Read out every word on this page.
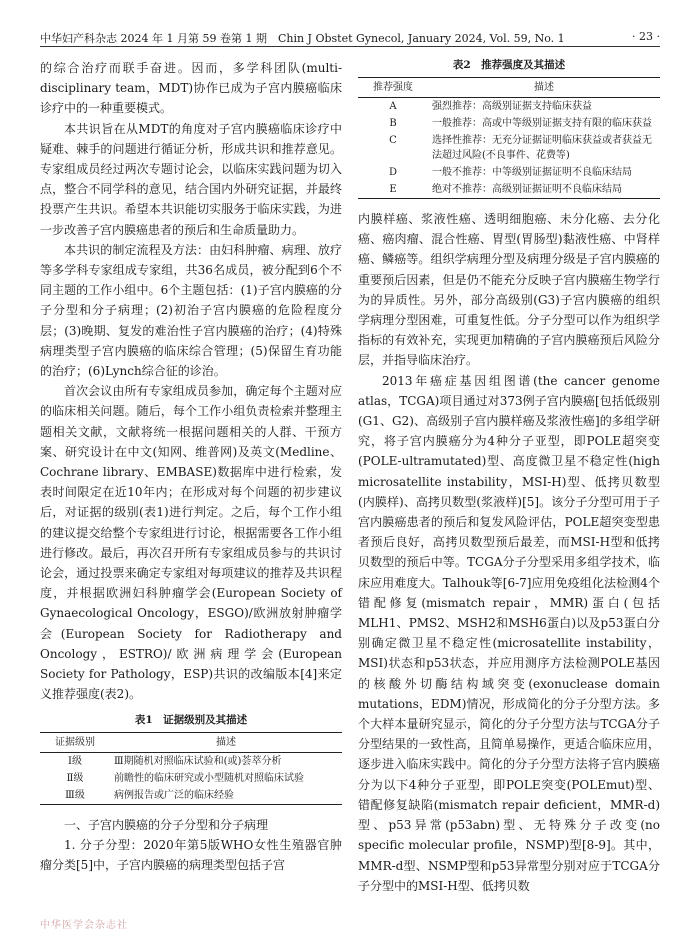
中华妇产科杂志 2024 年 1 月第 59 卷第 1 期　Chin J Obstet Gynecol, January 2024, Vol. 59, No. 1	· 23 ·

的综合治疗而联手奋进。因而，多学科团队(multi-disciplinary team，MDT)协作已成为子宫内膜癌临床诊疗中的一种重要模式。

本共识旨在从MDT的角度对子宫内膜癌临床诊疗中疑难、棘手的问题进行循证分析，形成共识和推荐意见。专家组成员经过两次专题讨论会，以临床实践问题为切入点，整合不同学科的意见，结合国内外研究证据，并最终投票产生共识。希望本共识能切实服务于临床实践，为进一步改善子宫内膜癌患者的预后和生命质量助力。

本共识的制定流程及方法：由妇科肿瘤、病理、放疗等多学科专家组成专家组，共36名成员，被分配到6个不同主题的工作小组中。6个主题包括：(1)子宫内膜癌的分子分型和分子病理；(2)初治子宫内膜癌的危险程度分层；(3)晚期、复发的难治性子宫内膜癌的治疗；(4)特殊病理类型子宫内膜癌的临床综合管理；(5)保留生育功能的治疗；(6)Lynch综合征的诊治。

首次会议由所有专家组成员参加，确定每个主题对应的临床相关问题。随后，每个工作小组负责检索并整理主题相关文献，文献将统一根据问题相关的人群、干预方案、研究设计在中文(知网、维普网)及英文(Medline、Cochrane library、EMBASE)数据库中进行检索，发表时间限定在近10年内；在形成对每个问题的初步建议后，对证据的级别(表1)进行判定。之后，每个工作小组的建议提交给整个专家组进行讨论，根据需要各工作小组进行修改。最后，再次召开所有专家组成员参与的共识讨论会，通过投票来确定专家组对每项建议的推荐及共识程度，并根据欧洲妇科肿瘤学会(European Society of Gynaecological Oncology，ESGO)/欧洲放射肿瘤学会(European Society for Radiotherapy and Oncology，ESTRO)/欧洲病理学会(European Society for Pathology，ESP)共识的改编版本[4]来定义推荐强度(表2)。

表1　证据级别及其描述
证据级别	描述
Ⅰ级	Ⅲ期随机对照临床试验和(或)荟萃分析
Ⅱ级	前瞻性的临床研究或小型随机对照临床试验
Ⅲ级	病例报告或广泛的临床经验

一、子宫内膜癌的分子分型和分子病理

1. 分子分型：2020年第5版WHO女性生殖器官肿瘤分类[5]中，子宫内膜癌的病理类型包括子宫

表2　推荐强度及其描述
推荐强度	描述
A	强烈推荐：高级别证据支持临床获益
B	一般推荐：高或中等级别证据支持有限的临床获益
C	选择性推荐：无充分证据证明临床获益或者获益无法超过风险(不良事件、花费等)
D	一般不推荐：中等级别证据证明不良临床结局
E	绝对不推荐：高级别证据证明不良临床结局

内膜样癌、浆液性癌、透明细胞癌、未分化癌、去分化癌、癌肉瘤、混合性癌、胃型(胃肠型)黏液性癌、中肾样癌、鳞癌等。组织学病理分型及病理分级是子宫内膜癌的重要预后因素，但是仍不能充分反映子宫内膜癌生物学行为的异质性。另外，部分高级别(G3)子宫内膜癌的组织学病理分型困难，可重复性低。分子分型可以作为组织学指标的有效补充，实现更加精确的子宫内膜癌预后风险分层，并指导临床治疗。

2013年癌症基因组图谱(the cancer genome atlas，TCGA)项目通过对373例子宫内膜癌[包括低级别(G1、G2)、高级别子宫内膜样癌及浆液性癌]的多组学研究，将子宫内膜癌分为4种分子亚型，即POLE超突变(POLE-ultramutated)型、高度微卫星不稳定性(high microsatellite instability，MSI-H)型、低拷贝数型(内膜样)、高拷贝数型(浆液样)[5]。该分子分型可用于子宫内膜癌患者的预后和复发风险评估，POLE超突变型患者预后良好，高拷贝数型预后最差，而MSI-H型和低拷贝数型的预后中等。TCGA分子分型采用多组学技术，临床应用难度大。Talhouk等[6-7]应用免疫组化法检测4个错配修复(mismatch repair，MMR)蛋白(包括MLH1、PMS2、MSH2和MSH6蛋白)以及p53蛋白分别确定微卫星不稳定性(microsatellite instability，MSI)状态和p53状态，并应用测序方法检测POLE基因的核酸外切酶结构域突变(exonuclease domain mutations，EDM)情况，形成简化的分子分型方法。多个大样本量研究显示，简化的分子分型方法与TCGA分子分型结果的一致性高，且简单易操作，更适合临床应用，逐步进入临床实践中。简化的分子分型方法将子宫内膜癌分为以下4种分子亚型，即POLE突变(POLEmut)型、错配修复缺陷(mismatch repair deficient，MMR-d)型、p53异常(p53abn)型、无特殊分子改变(no specific molecular profile，NSMP)型[8-9]。其中，MMR-d型、NSMP型和p53异常型分别对应于TCGA分子分型中的MSI-H型、低拷贝数

中华医学会杂志社
